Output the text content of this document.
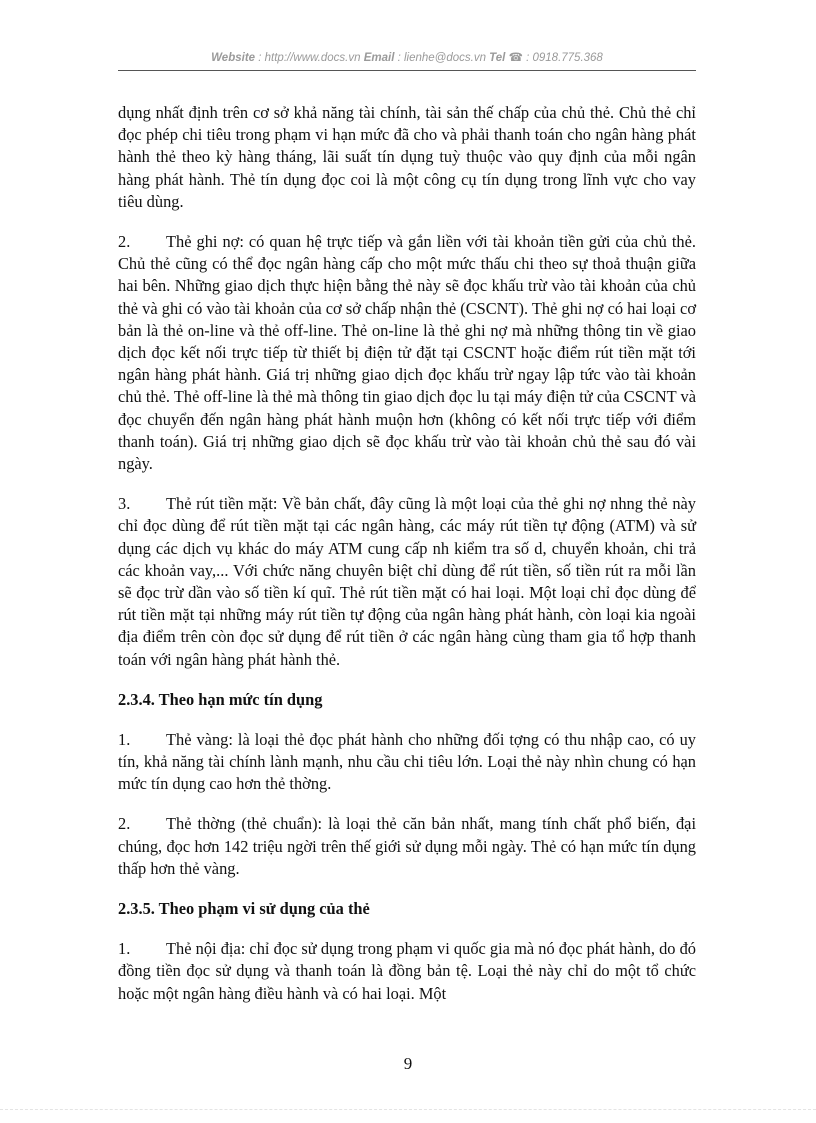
Website : http://www.docs.vn Email : lienhe@docs.vn Tel ☎ : 0918.775.368

dụng nhất định trên cơ sở khả năng tài chính, tài sản thế chấp của chủ thẻ. Chủ thẻ chỉ đọc phép chi tiêu trong phạm vi hạn mức đã cho và phải thanh toán cho ngân hàng phát hành thẻ theo kỳ hàng tháng, lãi suất tín dụng tuỳ thuộc vào quy định của mỗi ngân hàng phát hành. Thẻ tín dụng đọc coi là một công cụ tín dụng trong lĩnh vực cho vay tiêu dùng.

2. Thẻ ghi nợ: có quan hệ trực tiếp và gắn liền với tài khoản tiền gửi của chủ thẻ. Chủ thẻ cũng có thể đọc ngân hàng cấp cho một mức thấu chi theo sự thoả thuận giữa hai bên. Những giao dịch thực hiện bằng thẻ này sẽ đọc khấu trừ vào tài khoản của chủ thẻ và ghi có vào tài khoản của cơ sở chấp nhận thẻ (CSCNT). Thẻ ghi nợ có hai loại cơ bản là thẻ on-line và thẻ off-line. Thẻ on-line là thẻ ghi nợ mà những thông tin về giao dịch đọc kết nối trực tiếp từ thiết bị điện tử đặt tại CSCNT hoặc điểm rút tiền mặt tới ngân hàng phát hành. Giá trị những giao dịch đọc khấu trừ ngay lập tức vào tài khoản chủ thẻ. Thẻ off-line là thẻ mà thông tin giao dịch đọc lu tại máy điện tử của CSCNT và đọc chuyển đến ngân hàng phát hành muộn hơn (không có kết nối trực tiếp với điểm thanh toán). Giá trị những giao dịch sẽ đọc khấu trừ vào tài khoản chủ thẻ sau đó vài ngày.

3. Thẻ rút tiền mặt: Về bản chất, đây cũng là một loại của thẻ ghi nợ nhng thẻ này chỉ đọc dùng để rút tiền mặt tại các ngân hàng, các máy rút tiền tự động (ATM) và sử dụng các dịch vụ khác do máy ATM cung cấp nh kiểm tra số d, chuyển khoản, chi trả các khoản vay,... Với chức năng chuyên biệt chỉ dùng để rút tiền, số tiền rút ra mỗi lần sẽ đọc trừ dần vào số tiền kí quĩ. Thẻ rút tiền mặt có hai loại. Một loại chỉ đọc dùng để rút tiền mặt tại những máy rút tiền tự động của ngân hàng phát hành, còn loại kia ngoài địa điểm trên còn đọc sử dụng để rút tiền ở các ngân hàng cùng tham gia tổ hợp thanh toán với ngân hàng phát hành thẻ.

2.3.4. Theo hạn mức tín dụng

1. Thẻ vàng: là loại thẻ đọc phát hành cho những đối tợng có thu nhập cao, có uy tín, khả năng tài chính lành mạnh, nhu cầu chi tiêu lớn. Loại thẻ này nhìn chung có hạn mức tín dụng cao hơn thẻ thờng.

2. Thẻ thờng (thẻ chuẩn): là loại thẻ căn bản nhất, mang tính chất phổ biến, đại chúng, đọc hơn 142 triệu ngời trên thế giới sử dụng mỗi ngày. Thẻ có hạn mức tín dụng thấp hơn thẻ vàng.

2.3.5. Theo phạm vi sử dụng của thẻ

1. Thẻ nội địa: chỉ đọc sử dụng trong phạm vi quốc gia mà nó đọc phát hành, do đó đồng tiền đọc sử dụng và thanh toán là đồng bản tệ. Loại thẻ này chỉ do một tổ chức hoặc một ngân hàng điều hành và có hai loại. Một

9
